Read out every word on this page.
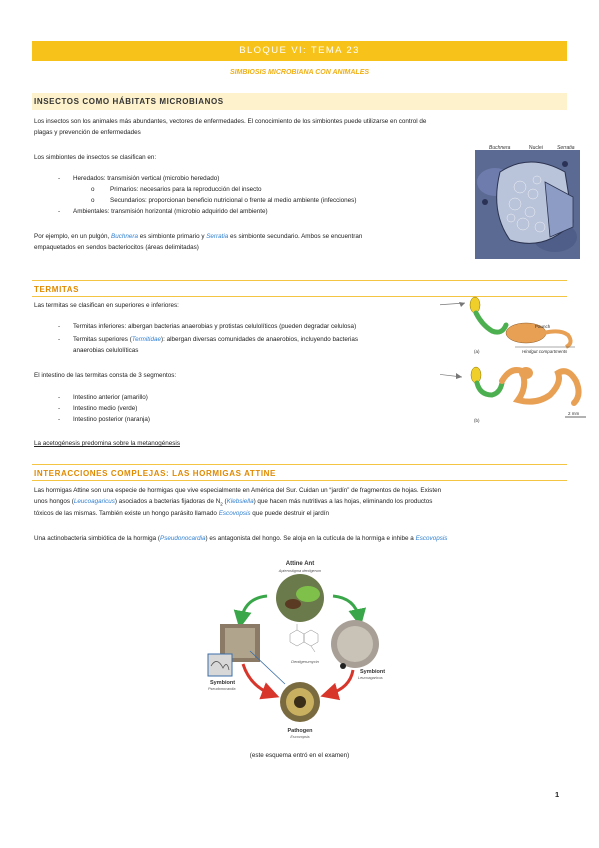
BLOQUE VI: TEMA 23
SIMBIOSIS MICROBIANA CON ANIMALES
INSECTOS COMO HÁBITATS MICROBIANOS
Los insectos son los animales más abundantes, vectores de enfermedades. El conocimiento de los simbiontes puede utilizarse en control de
plagas y prevención de enfermedades
Los simbiontes de insectos se clasifican en:
- Heredados: transmisión vertical (microbio heredado)
o Primarios: necesarios para la reproducción del insecto
o Secundarios: proporcionan beneficio nutricional o frente al medio ambiente (infecciones)
- Ambientales: transmisión horizontal (microbio adquirido del ambiente)
Por ejemplo, en un pulgón, Buchnera es simbionte primario y Serratia es simbionte secundario. Ambos se encuentran
empaquetados en sendos bacteriocitos (áreas delimitadas)
Buchnera	Nuclei	Serratia
TERMITAS
Las termitas se clasifican en superiores e inferiores:
- Termitas inferiores: albergan bacterias anaerobias y protistas celulolíticos (pueden degradar celulosa)
- Termitas superiores (Termitidae): albergan diversas comunidades de anaerobios, incluyendo bacterias
anaerobias celulolíticas
El intestino de las termitas consta de 3 segmentos:
- Intestino anterior (amarillo)
- Intestino medio (verde)
- Intestino posterior (naranja)
La acetogénesis predomina sobre la metanogénesis
Paunch
Hindgut compartments
(a)
2 mm
(b)
INTERACCIONES COMPLEJAS: LAS HORMIGAS ATTINE
Las hormigas Attine son una especie de hormigas que vive especialmente en América del Sur. Cuidan un “jardín” de fragmentos de hojas. Existen
unos hongos (Leucoagaricus) asociados a bacterias fijadoras de $N_2$ (Klebsiella) que hacen más nutritivas a las hojas, eliminando los productos
tóxicos de las mismas. También existe un hongo parásito llamado Escovopsis que puede destruir el jardín
Una actinobacteria simbiótica de la hormiga (Pseudonocardia) es antagonista del hongo. Se aloja en la cutícula de la hormiga e inhibe a Escovopsis
Attine Ant
Apterostigma dentigerum
Symbiont
Pseudonocardia
Symbiont
Leucoagaricus
Dentigerumycin
Pathogen
Escovopsis
(este esquema entró en el examen)
1
